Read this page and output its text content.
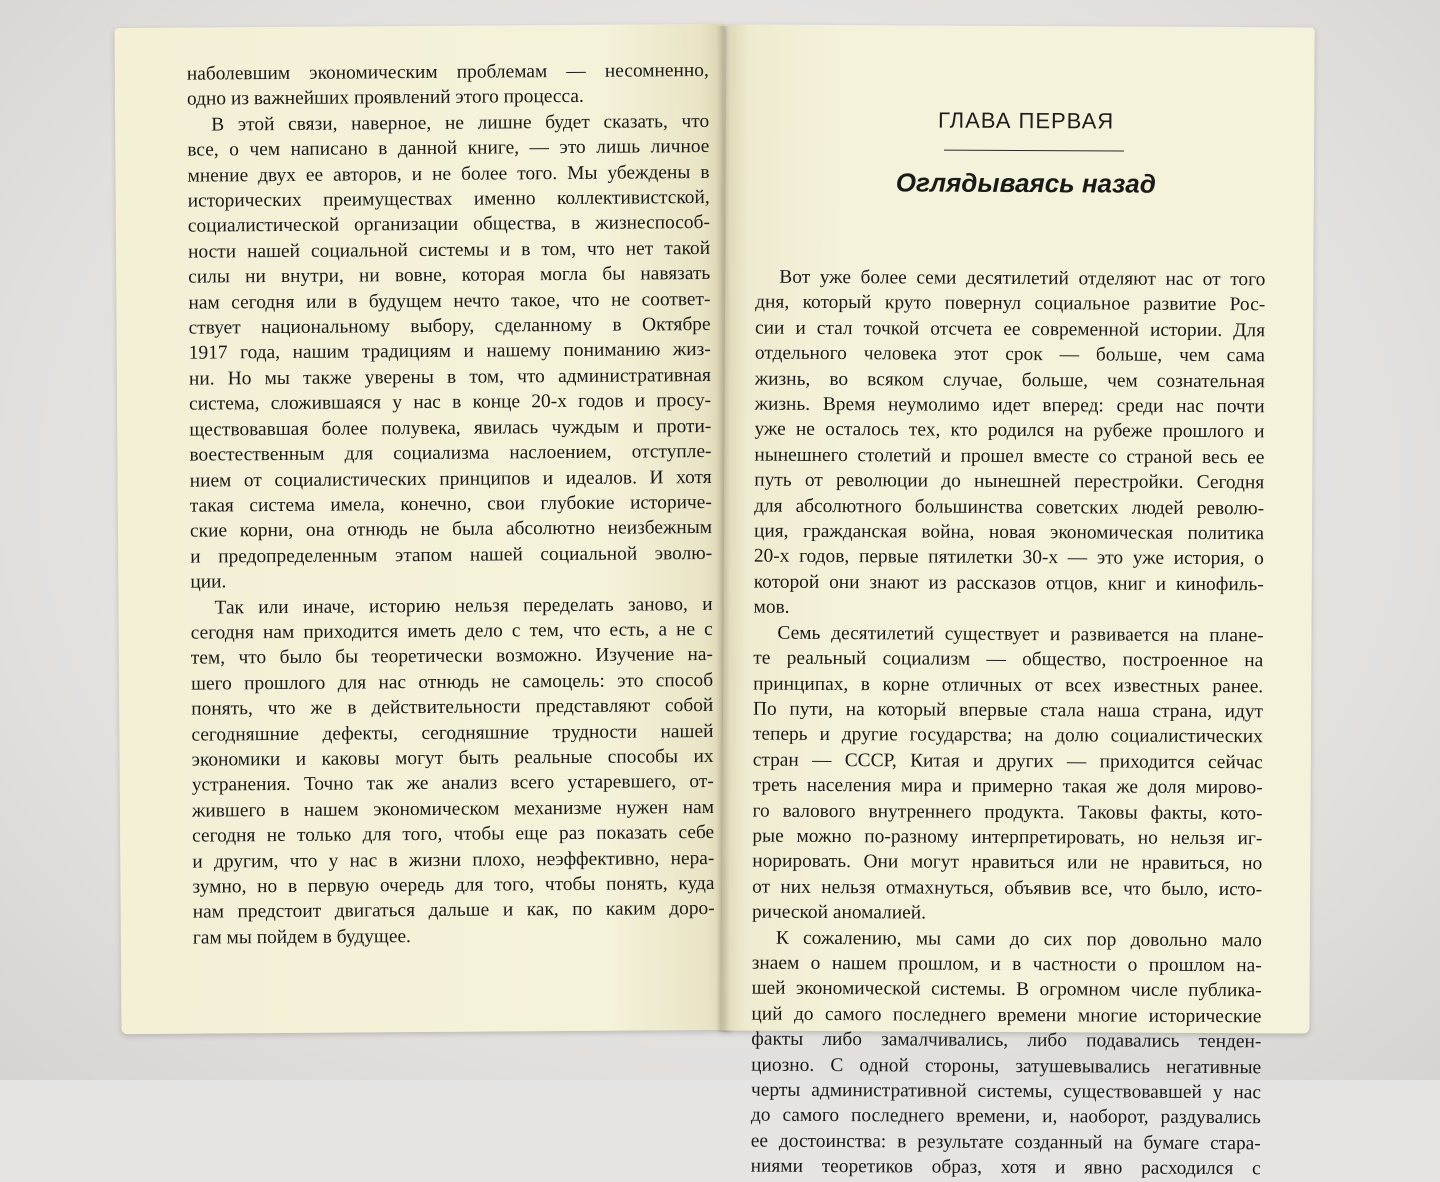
наболевшим экономическим проблемам — несомненно,
одно из важнейших проявлений этого процесса.
В этой связи, наверное, не лишне будет сказать, что
все, о чем написано в данной книге, — это лишь личное
мнение двух ее авторов, и не более того. Мы убеждены в
исторических преимуществах именно коллективистской,
социалистической организации общества, в жизнеспособ-
ности нашей социальной системы и в том, что нет такой
силы ни внутри, ни вовне, которая могла бы навязать
нам сегодня или в будущем нечто такое, что не соответ-
ствует национальному выбору, сделанному в Октябре
1917 года, нашим традициям и нашему пониманию жиз-
ни. Но мы также уверены в том, что административная
система, сложившаяся у нас в конце 20-х годов и просу-
ществовавшая более полувека, явилась чуждым и проти-
воестественным для социализма наслоением, отступле-
нием от социалистических принципов и идеалов. И хотя
такая система имела, конечно, свои глубокие историче-
ские корни, она отнюдь не была абсолютно неизбежным
и предопределенным этапом нашей социальной эволю-
ции.
Так или иначе, историю нельзя переделать заново, и
сегодня нам приходится иметь дело с тем, что есть, а не с
тем, что было бы теоретически возможно. Изучение на-
шего прошлого для нас отнюдь не самоцель: это способ
понять, что же в действительности представляют собой
сегодняшние дефекты, сегодняшние трудности нашей
экономики и каковы могут быть реальные способы их
устранения. Точно так же анализ всего устаревшего, от-
жившего в нашем экономическом механизме нужен нам
сегодня не только для того, чтобы еще раз показать себе
и другим, что у нас в жизни плохо, неэффективно, нера-
зумно, но в первую очередь для того, чтобы понять, куда
нам предстоит двигаться дальше и как, по каким доро-
гам мы пойдем в будущее.
ГЛАВА ПЕРВАЯ
Оглядываясь назад
Вот уже более семи десятилетий отделяют нас от того
дня, который круто повернул социальное развитие Рос-
сии и стал точкой отсчета ее современной истории. Для
отдельного человека этот срок — больше, чем сама
жизнь, во всяком случае, больше, чем сознательная
жизнь. Время неумолимо идет вперед: среди нас почти
уже не осталось тех, кто родился на рубеже прошлого и
нынешнего столетий и прошел вместе со страной весь ее
путь от революции до нынешней перестройки. Сегодня
для абсолютного большинства советских людей револю-
ция, гражданская война, новая экономическая политика
20-х годов, первые пятилетки 30-х — это уже история, о
которой они знают из рассказов отцов, книг и кинофиль-
мов.
Семь десятилетий существует и развивается на плане-
те реальный социализм — общество, построенное на
принципах, в корне отличных от всех известных ранее.
По пути, на который впервые стала наша страна, идут
теперь и другие государства; на долю социалистических
стран — СССР, Китая и других — приходится сейчас
треть населения мира и примерно такая же доля мирово-
го валового внутреннего продукта. Таковы факты, кото-
рые можно по-разному интерпретировать, но нельзя иг-
норировать. Они могут нравиться или не нравиться, но
от них нельзя отмахнуться, объявив все, что было, исто-
рической аномалией.
К сожалению, мы сами до сих пор довольно мало
знаем о нашем прошлом, и в частности о прошлом на-
шей экономической системы. В огромном числе публика-
ций до самого последнего времени многие исторические
факты либо замалчивались, либо подавались тенден-
циозно. С одной стороны, затушевывались негативные
черты административной системы, существовавшей у нас
до самого последнего времени, и, наоборот, раздувались
ее достоинства: в результате созданный на бумаге стара-
ниями теоретиков образ, хотя и явно расходился с
